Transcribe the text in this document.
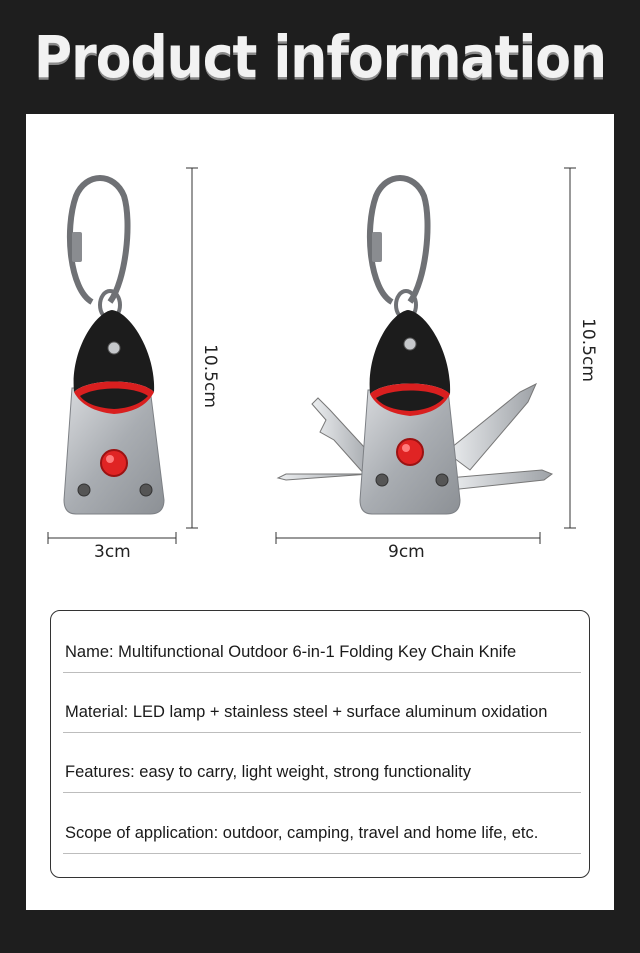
Product information
10.5cm
3cm
10.5cm
9cm
Name: Multifunctional Outdoor 6-in-1 Folding Key Chain Knife
Material: LED lamp + stainless steel + surface aluminum oxidation
Features: easy to carry, light weight, strong functionality
Scope of application: outdoor, camping, travel and home life, etc.
